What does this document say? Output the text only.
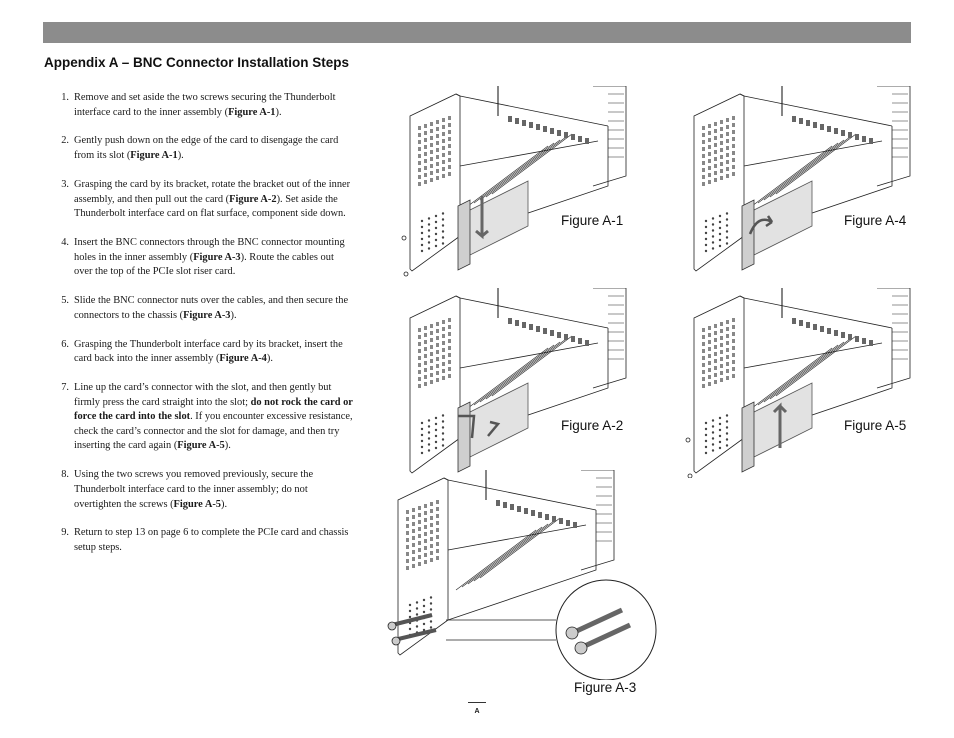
Appendix A – BNC Connector Installation Steps
1. Remove and set aside the two screws securing the Thunderbolt interface card to the inner assembly (Figure A-1).
2. Gently push down on the edge of the card to disengage the card from its slot (Figure A-1).
3. Grasping the card by its bracket, rotate the bracket out of the inner assembly, and then pull out the card (Figure A-2). Set aside the Thunderbolt interface card on flat surface, component side down.
4. Insert the BNC connectors through the BNC connector mounting holes in the inner assembly (Figure A-3). Route the cables out over the top of the PCIe slot riser card.
5. Slide the BNC connector nuts over the cables, and then secure the connectors to the chassis (Figure A-3).
6. Grasping the Thunderbolt interface card by its bracket, insert the card back into the inner assembly (Figure A-4).
7. Line up the card’s connector with the slot, and then gently but firmly press the card straight into the slot; do not rock the card or force the card into the slot. If you encounter excessive resistance, check the card’s connector and the slot for damage, and then try inserting the card again (Figure A-5).
8. Using the two screws you removed previously, secure the Thunderbolt interface card to the inner assembly; do not overtighten the screws (Figure A-5).
9. Return to step 13 on page 6 to complete the PCIe card and chassis setup steps.
Figure A-1	Figure A-4
Figure A-2	Figure A-5
Figure A-3
A
